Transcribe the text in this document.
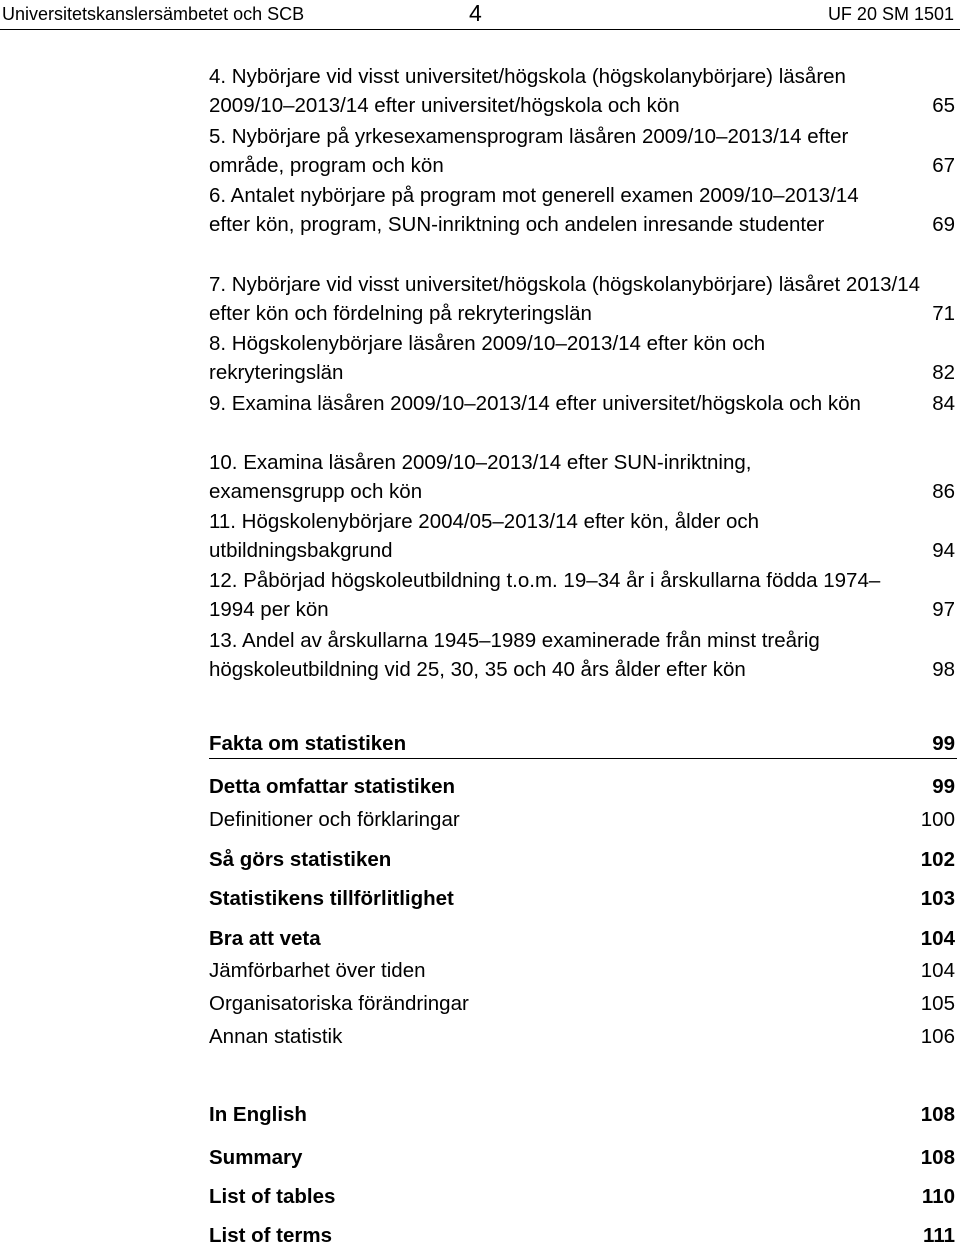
Universitetskanslersämbetet och SCB	4	UF 20 SM 1501
4. Nybörjare vid visst universitet/högskola (högskolanybörjare) läsåren 2009/10–2013/14 efter universitet/högskola och kön	65
5. Nybörjare på yrkesexamensprogram läsåren 2009/10–2013/14 efter område, program och kön	67
6. Antalet nybörjare på program mot generell examen 2009/10–2013/14 efter kön, program, SUN-inriktning och andelen inresande studenter	69
7. Nybörjare vid visst universitet/högskola (högskolanybörjare) läsåret 2013/14 efter kön och fördelning på rekryteringslän	71
8. Högskolenybörjare läsåren 2009/10–2013/14 efter kön och rekryteringslän	82
9. Examina läsåren 2009/10–2013/14 efter universitet/högskola och kön	84
10. Examina läsåren 2009/10–2013/14 efter SUN-inriktning, examensgrupp och kön	86
11. Högskolenybörjare 2004/05–2013/14 efter kön, ålder och utbildningsbakgrund	94
12. Påbörjad högskoleutbildning t.o.m. 19–34 år i årskullarna födda 1974–1994 per kön	97
13. Andel av årskullarna 1945–1989 examinerade från minst treårig högskoleutbildning vid 25, 30, 35 och 40 års ålder efter kön	98
Fakta om statistiken	99
Detta omfattar statistiken	99
Definitioner och förklaringar	100
Så görs statistiken	102
Statistikens tillförlitlighet	103
Bra att veta	104
Jämförbarhet över tiden	104
Organisatoriska förändringar	105
Annan statistik	106
In English	108
Summary	108
List of tables	110
List of terms	111
